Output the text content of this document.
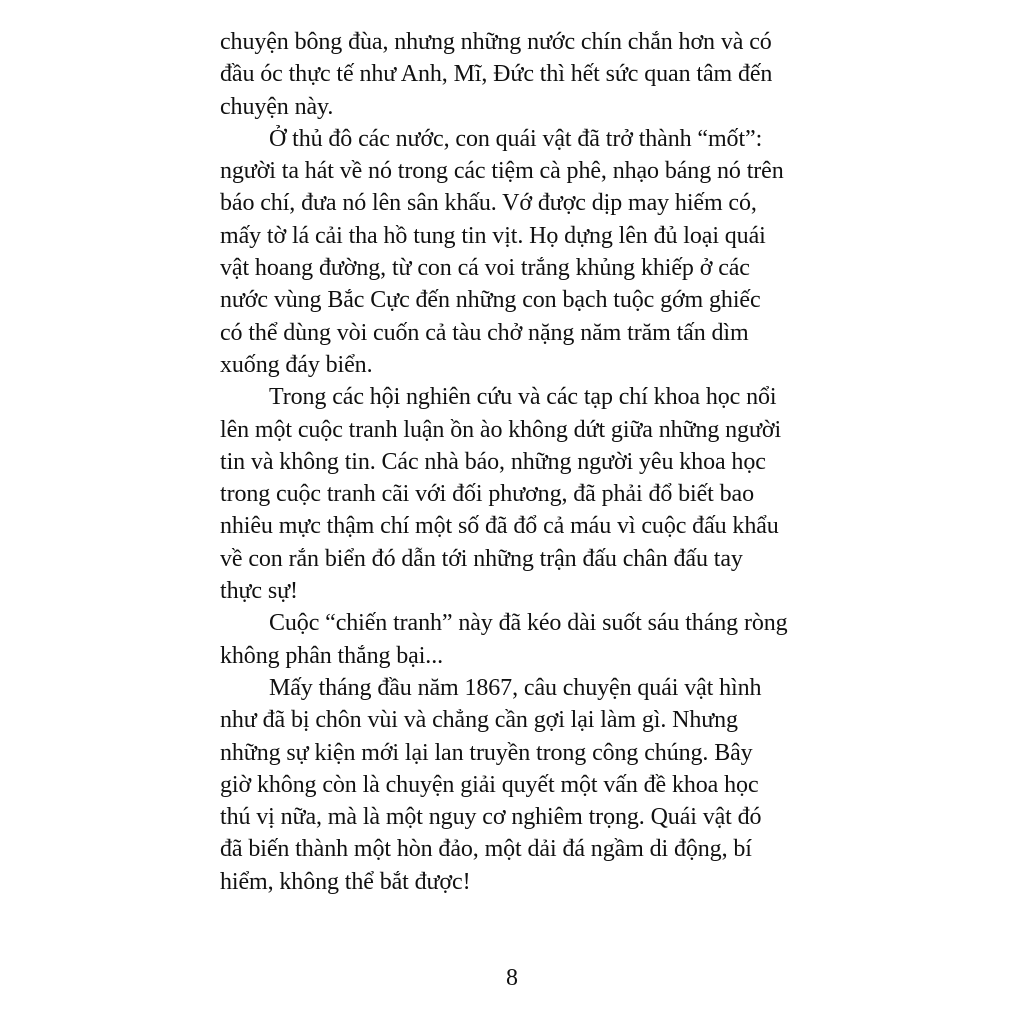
chuyện bông đùa, nhưng những nước chín chắn hơn và có
đầu óc thực tế như Anh, Mĩ, Đức thì hết sức quan tâm đến
chuyện này.
Ở thủ đô các nước, con quái vật đã trở thành “mốt”:
người ta hát về nó trong các tiệm cà phê, nhạo báng nó trên
báo chí, đưa nó lên sân khấu. Vớ được dịp may hiếm có,
mấy tờ lá cải tha hồ tung tin vịt. Họ dựng lên đủ loại quái
vật hoang đường, từ con cá voi trắng khủng khiếp ở các
nước vùng Bắc Cực đến những con bạch tuộc gớm ghiếc
có thể dùng vòi cuốn cả tàu chở nặng năm trăm tấn dìm
xuống đáy biển.
Trong các hội nghiên cứu và các tạp chí khoa học nổi
lên một cuộc tranh luận ồn ào không dứt giữa những người
tin và không tin. Các nhà báo, những người yêu khoa học
trong cuộc tranh cãi với đối phương, đã phải đổ biết bao
nhiêu mực thậm chí một số đã đổ cả máu vì cuộc đấu khẩu
về con rắn biển đó dẫn tới những trận đấu chân đấu tay
thực sự!
Cuộc “chiến tranh” này đã kéo dài suốt sáu tháng ròng
không phân thắng bại...
Mấy tháng đầu năm 1867, câu chuyện quái vật hình
như đã bị chôn vùi và chẳng cần gợi lại làm gì. Nhưng
những sự kiện mới lại lan truyền trong công chúng. Bây
giờ không còn là chuyện giải quyết một vấn đề khoa học
thú vị nữa, mà là một nguy cơ nghiêm trọng. Quái vật đó
đã biến thành một hòn đảo, một dải đá ngầm di động, bí
hiểm, không thể bắt được!
8
